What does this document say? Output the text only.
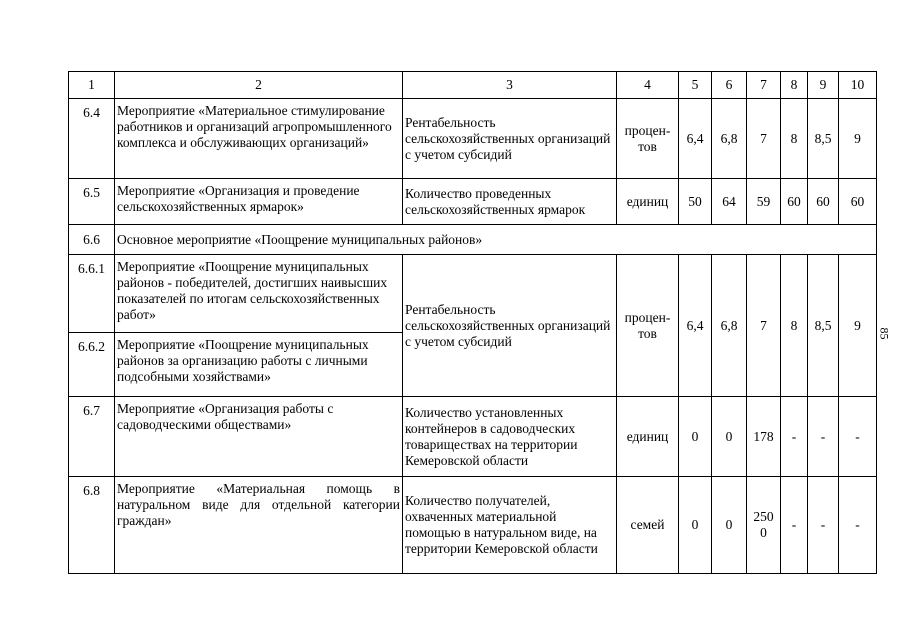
85
1	2	3	4	5	6	7	8	9	10
6.4	Мероприятие «Материальное стимулирование работников и организаций агропромышленного комплекса и обслуживающих организаций»	Рентабельность сельскохозяйственных организаций с учетом субсидий	процен-тов	6,4	6,8	7	8	8,5	9
6.5	Мероприятие «Организация и проведение сельскохозяйственных ярмарок»	Количество проведенных сельскохозяйственных ярмарок	единиц	50	64	59	60	60	60
6.6	Основное мероприятие «Поощрение муниципальных районов»								
6.6.1	Мероприятие «Поощрение муниципальных районов - победителей, достигших наивысших показателей по итогам сельскохозяйственных работ»	Рентабельность сельскохозяйственных организаций с учетом субсидий	процен-тов	6,4	6,8	7	8	8,5	9
6.6.2	Мероприятие «Поощрение муниципальных районов за организацию работы с личными подсобными хозяйствами»								
6.7	Мероприятие «Организация работы с садоводческими обществами»	Количество установленных контейнеров в садоводческих товариществах на территории Кемеровской области	единиц	0	0	178	-	-	-
6.8	Мероприятие «Материальная помощь в натуральном виде для отдельной категории граждан»	Количество получателей, охваченных материальной помощью в натуральном виде, на территории Кемеровской области	семей	0	0	250 0	-	-	-
